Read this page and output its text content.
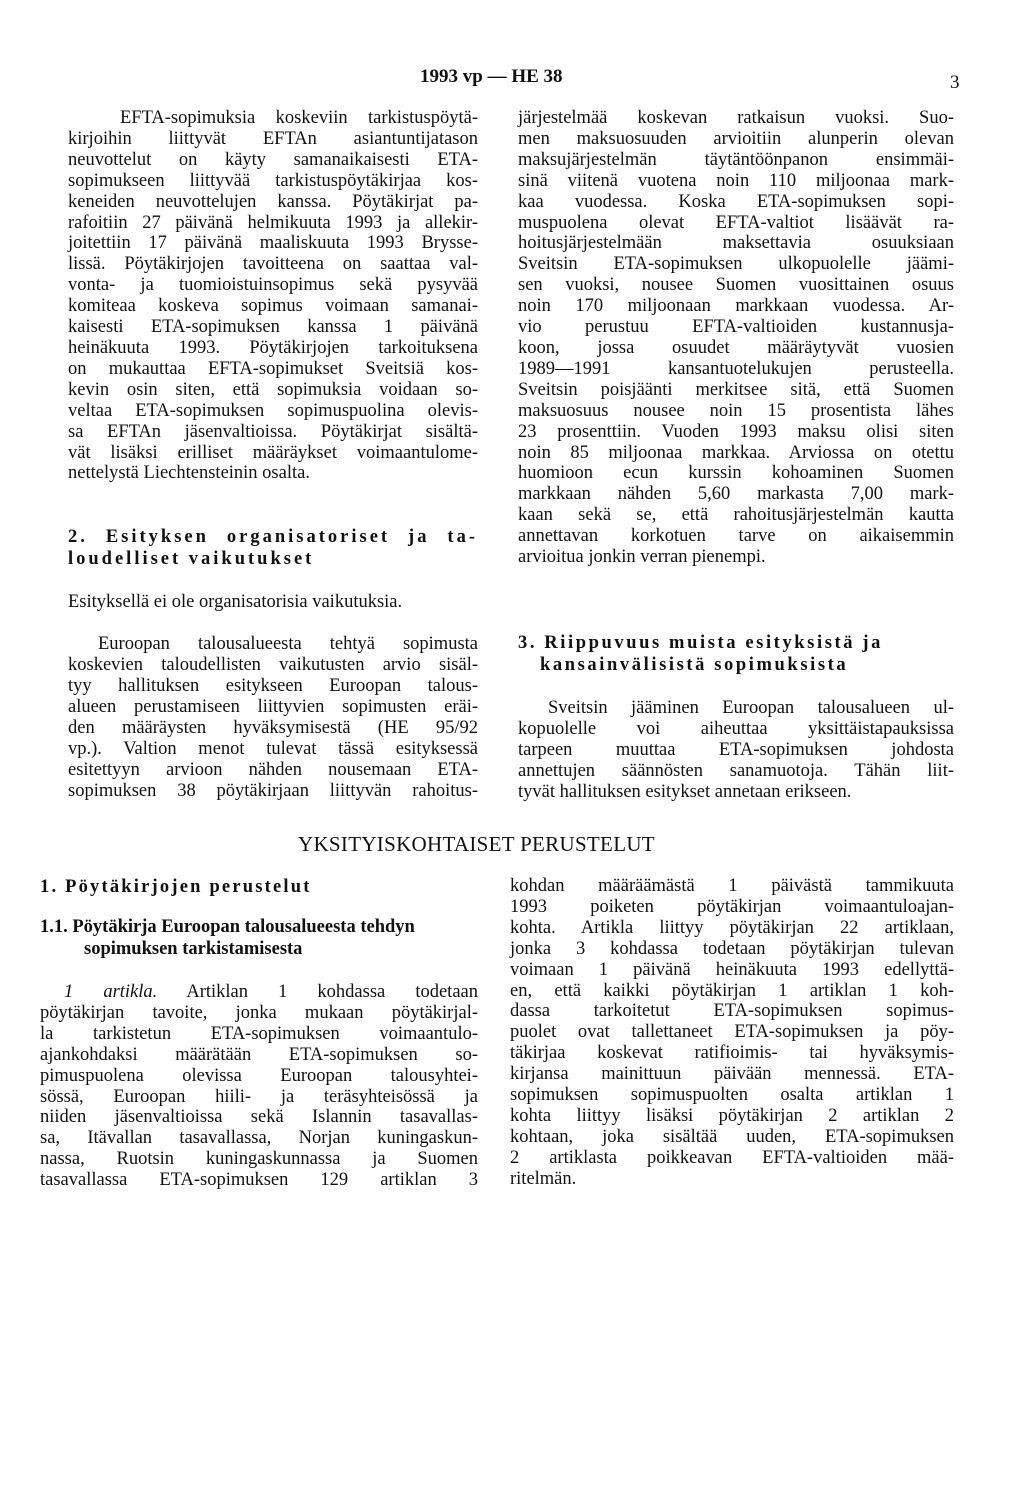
1993 vp — HE 38	3

EFTA-sopimuksia koskeviin tarkistuspöytä-
kirjoihin liittyvät EFTAn asiantuntijatason
neuvottelut on käyty samanaikaisesti ETA-
sopimukseen liittyvää tarkistuspöytäkirjaa kos-
keneiden neuvottelujen kanssa. Pöytäkirjat pa-
rafoitiin 27 päivänä helmikuuta 1993 ja allekir-
joitettiin 17 päivänä maaliskuuta 1993 Brysse-
lissä. Pöytäkirjojen tavoitteena on saattaa val-
vonta- ja tuomioistuinsopimus sekä pysyvää
komiteaa koskeva sopimus voimaan samanai-
kaisesti ETA-sopimuksen kanssa 1 päivänä
heinäkuuta 1993. Pöytäkirjojen tarkoituksena
on mukauttaa EFTA-sopimukset Sveitsiä kos-
kevin osin siten, että sopimuksia voidaan so-
veltaa ETA-sopimuksen sopimuspuolina olevis-
sa EFTAn jäsenvaltioissa. Pöytäkirjat sisältä-
vät lisäksi erilliset määräykset voimaantulome-
nettelystä Liechtensteinin osalta.

2. Esityksen organisatoriset ja ta-
loudelliset vaikutukset

Esityksellä ei ole organisatorisia vaikutuksia.

Euroopan talousalueesta tehtyä sopimusta
koskevien taloudellisten vaikutusten arvio sisäl-
tyy hallituksen esitykseen Euroopan talous-
alueen perustamiseen liittyvien sopimusten eräi-
den määräysten hyväksymisestä (HE 95/92
vp.). Valtion menot tulevat tässä esityksessä
esitettyyn arvioon nähden nousemaan ETA-
sopimuksen 38 pöytäkirjaan liittyvän rahoitus-

järjestelmää koskevan ratkaisun vuoksi. Suo-
men maksuosuuden arvioitiin alunperin olevan
maksujärjestelmän täytäntöönpanon ensimmäi-
sinä viitenä vuotena noin 110 miljoonaa mark-
kaa vuodessa. Koska ETA-sopimuksen sopi-
muspuolena olevat EFTA-valtiot lisäävät ra-
hoitusjärjestelmään maksettavia osuuksiaan
Sveitsin ETA-sopimuksen ulkopuolelle jäämi-
sen vuoksi, nousee Suomen vuosittainen osuus
noin 170 miljoonaan markkaan vuodessa. Ar-
vio perustuu EFTA-valtioiden kustannusja-
koon, jossa osuudet määräytyvät vuosien
1989—1991 kansantuotelukujen perusteella.
Sveitsin poisjäänti merkitsee sitä, että Suomen
maksuosuus nousee noin 15 prosentista lähes
23 prosenttiin. Vuoden 1993 maksu olisi siten
noin 85 miljoonaa markkaa. Arviossa on otettu
huomioon ecun kurssin kohoaminen Suomen
markkaan nähden 5,60 markasta 7,00 mark-
kaan sekä se, että rahoitusjärjestelmän kautta
annettavan korkotuen tarve on aikaisemmin
arvioitua jonkin verran pienempi.

3. Riippuvuus muista esityksistä ja
kansainvälisistä sopimuksista

Sveitsin jääminen Euroopan talousalueen ul-
kopuolelle voi aiheuttaa yksittäistapauksissa
tarpeen muuttaa ETA-sopimuksen johdosta
annettujen säännösten sanamuotoja. Tähän liit-
tyvät hallituksen esitykset annetaan erikseen.

YKSITYISKOHTAISET PERUSTELUT
1. Pöytäkirjojen perustelut
1.1. Pöytäkirja Euroopan talousalueesta tehdyn
sopimuksen tarkistamisesta

1 artikla. Artiklan 1 kohdassa todetaan
pöytäkirjan tavoite, jonka mukaan pöytäkirjal-
la tarkistetun ETA-sopimuksen voimaantulo-
ajankohdaksi määrätään ETA-sopimuksen so-
pimuspuolena olevissa Euroopan talousyhtei-
sössä, Euroopan hiili- ja teräsyhteisössä ja
niiden jäsenvaltioissa sekä Islannin tasavallas-
sa, Itävallan tasavallassa, Norjan kuningaskun-
nassa, Ruotsin kuningaskunnassa ja Suomen
tasavallassa ETA-sopimuksen 129 artiklan 3

kohdan määräämästä 1 päivästä tammikuuta
1993 poiketen pöytäkirjan voimaantuloajan-
kohta. Artikla liittyy pöytäkirjan 22 artiklaan,
jonka 3 kohdassa todetaan pöytäkirjan tulevan
voimaan 1 päivänä heinäkuuta 1993 edellyttä-
en, että kaikki pöytäkirjan 1 artiklan 1 koh-
dassa tarkoitetut ETA-sopimuksen sopimus-
puolet ovat tallettaneet ETA-sopimuksen ja pöy-
täkirjaa koskevat ratifioimis- tai hyväksymis-
kirjansa mainittuun päivään mennessä. ETA-
sopimuksen sopimuspuolten osalta artiklan 1
kohta liittyy lisäksi pöytäkirjan 2 artiklan 2
kohtaan, joka sisältää uuden, ETA-sopimuksen
2 artiklasta poikkeavan EFTA-valtioiden mää-
ritelmän.
